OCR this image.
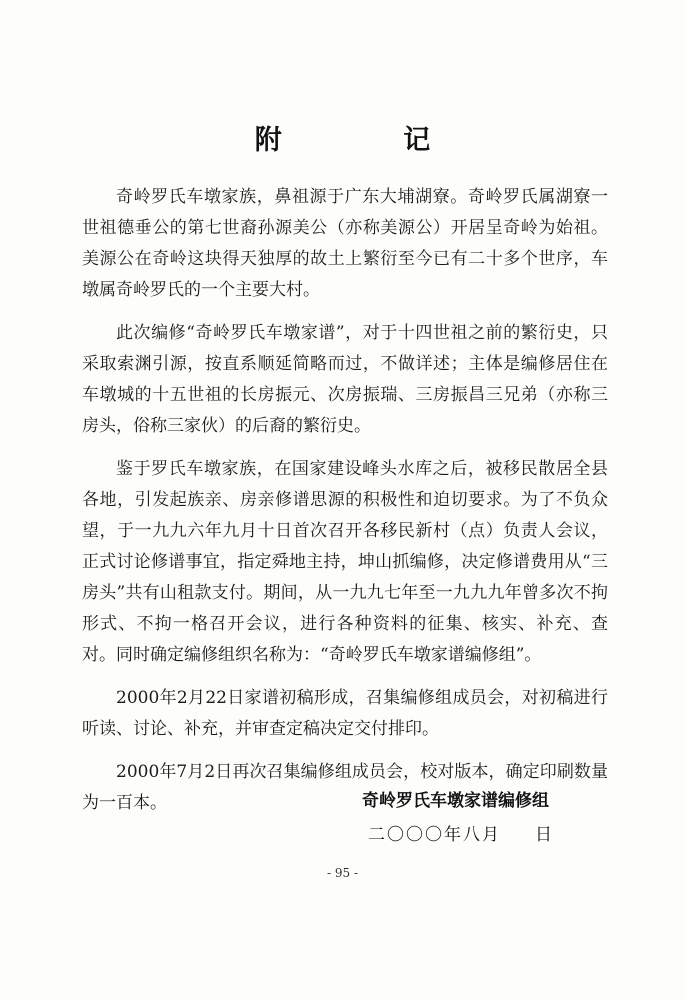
附 记

奇岭罗氏车墩家族，鼻祖源于广东大埔湖寮。奇岭罗氏属湖寮一世祖德垂公的第七世裔孙源美公（亦称美源公）开居呈奇岭为始祖。美源公在奇岭这块得天独厚的故土上繁衍至今已有二十多个世序，车墩属奇岭罗氏的一个主要大村。

此次编修“奇岭罗氏车墩家谱”，对于十四世祖之前的繁衍史，只采取索渊引源，按直系顺延简略而过，不做详述；主体是编修居住在车墩城的十五世祖的长房振元、次房振瑞、三房振昌三兄弟（亦称三房头，俗称三家伙）的后裔的繁衍史。

鉴于罗氏车墩家族，在国家建设峰头水库之后，被移民散居全县各地，引发起族亲、房亲修谱思源的积极性和迫切要求。为了不负众望，于一九九六年九月十日首次召开各移民新村（点）负责人会议，正式讨论修谱事宜，指定舜地主持，坤山抓编修，决定修谱费用从“三房头”共有山租款支付。期间，从一九九七年至一九九九年曾多次不拘形式、不拘一格召开会议，进行各种资料的征集、核实、补充、查对。同时确定编修组织名称为：“奇岭罗氏车墩家谱编修组”。

2000年2月22日家谱初稿形成，召集编修组成员会，对初稿进行听读、讨论、补充，并审查定稿决定交付排印。

2000年7月2日再次召集编修组成员会，校对版本，确定印刷数量为一百本。	奇岭罗氏车墩家谱编修组
二〇〇〇年八月 日
- 95 -
